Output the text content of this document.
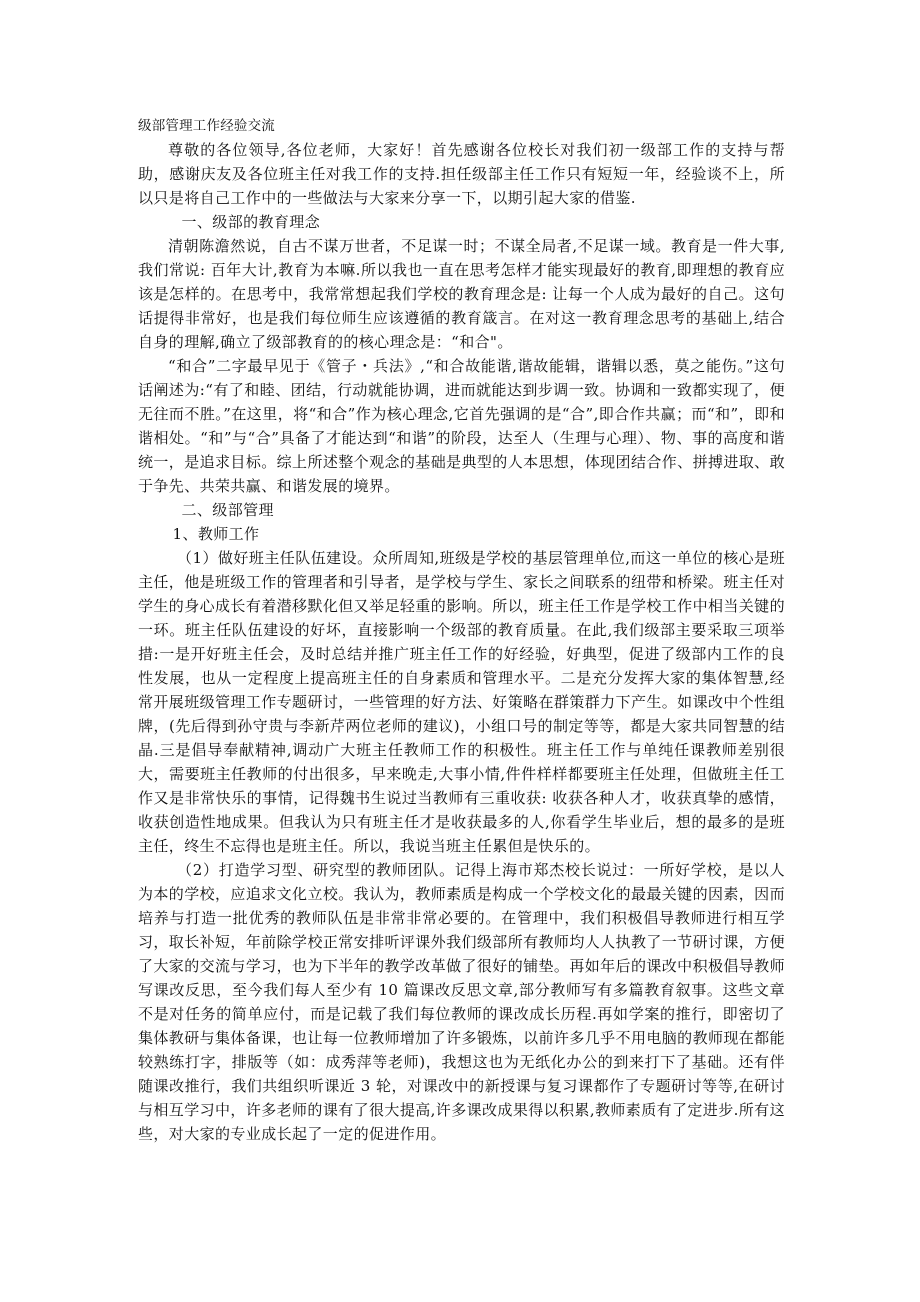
级部管理工作经验交流

尊敬的各位领导,各位老师，大家好！首先感谢各位校长对我们初一级部工作的支持与帮助，感谢庆友及各位班主任对我工作的支持.担任级部主任工作只有短短一年，经验谈不上，所以只是将自己工作中的一些做法与大家来分享一下，以期引起大家的借鉴.

一、级部的教育理念

清朝陈澹然说，自古不谋万世者，不足谋一时；不谋全局者,不足谋一域。教育是一件大事,我们常说: 百年大计,教育为本嘛.所以我也一直在思考怎样才能实现最好的教育,即理想的教育应该是怎样的。在思考中，我常常想起我们学校的教育理念是: 让每一个人成为最好的自己。这句话提得非常好，也是我们每位师生应该遵循的教育箴言。在对这一教育理念思考的基础上,结合自身的理解,确立了级部教育的的核心理念是：“和合"。

“和合”二字最早见于《管子・兵法》,“和合故能谐,谐故能辑，谐辑以悉，莫之能伤。”这句话阐述为:“有了和睦、团结，行动就能协调，进而就能达到步调一致。协调和一致都实现了，便无往而不胜。”在这里，将“和合”作为核心理念,它首先强调的是“合”,即合作共赢；而“和”，即和谐相处。“和”与“合”具备了才能达到“和谐”的阶段，达至人（生理与心理）、物、事的高度和谐统一，是追求目标。综上所述整个观念的基础是典型的人本思想，体现团结合作、拼搏进取、敢于争先、共荣共赢、和谐发展的境界。

二、级部管理

1、教师工作

（1）做好班主任队伍建设。众所周知,班级是学校的基层管理单位,而这一单位的核心是班主任，他是班级工作的管理者和引导者，是学校与学生、家长之间联系的纽带和桥梁。班主任对学生的身心成长有着潜移默化但又举足轻重的影响。所以，班主任工作是学校工作中相当关键的一环。班主任队伍建设的好坏，直接影响一个级部的教育质量。在此,我们级部主要采取三项举措:一是开好班主任会，及时总结并推广班主任工作的好经验，好典型，促进了级部内工作的良性发展，也从一定程度上提高班主任的自身素质和管理水平。二是充分发挥大家的集体智慧,经常开展班级管理工作专题研讨，一些管理的好方法、好策略在群策群力下产生。如课改中个性组牌，(先后得到孙守贵与李新芹两位老师的建议)，小组口号的制定等等，都是大家共同智慧的结晶.三是倡导奉献精神,调动广大班主任教师工作的积极性。班主任工作与单纯任课教师差别很大，需要班主任教师的付出很多，早来晚走,大事小情,件件样样都要班主任处理，但做班主任工作又是非常快乐的事情，记得魏书生说过当教师有三重收获: 收获各种人才，收获真挚的感情，收获创造性地成果。但我认为只有班主任才是收获最多的人,你看学生毕业后，想的最多的是班主任，终生不忘得也是班主任。所以，我说当班主任累但是快乐的。

（2）打造学习型、研究型的教师团队。记得上海市郑杰校长说过：一所好学校，是以人为本的学校，应追求文化立校。我认为，教师素质是构成一个学校文化的最最关键的因素，因而培养与打造一批优秀的教师队伍是非常非常必要的。在管理中，我们积极倡导教师进行相互学习，取长补短，年前除学校正常安排听评课外我们级部所有教师均人人执教了一节研讨课，方便了大家的交流与学习，也为下半年的教学改革做了很好的铺垫。再如年后的课改中积极倡导教师写课改反思，至今我们每人至少有 10 篇课改反思文章,部分教师写有多篇教育叙事。这些文章不是对任务的简单应付，而是记载了我们每位教师的课改成长历程.再如学案的推行，即密切了集体教研与集体备课，也让每一位教师增加了许多锻炼，以前许多几乎不用电脑的教师现在都能较熟练打字，排版等（如：成秀萍等老师)，我想这也为无纸化办公的到来打下了基础。还有伴随课改推行，我们共组织听课近 3 轮，对课改中的新授课与复习课都作了专题研讨等等,在研讨与相互学习中，许多老师的课有了很大提高,许多课改成果得以积累,教师素质有了定进步.所有这些，对大家的专业成长起了一定的促进作用。
